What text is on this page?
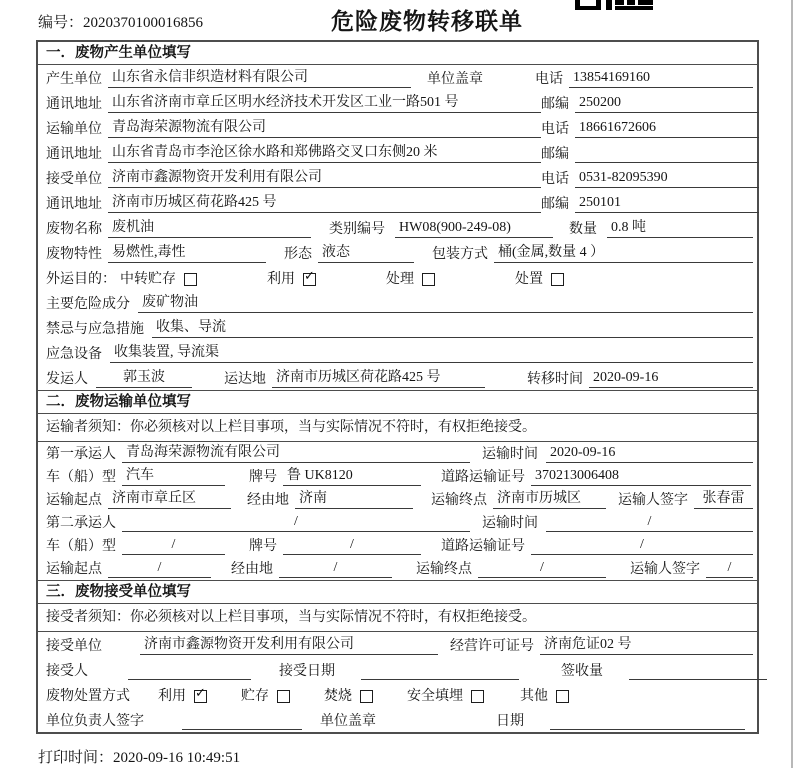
编号：2020370100016856	危险废物转移联单
一．废物产生单位填写
产生单位 山东省永信非织造材料有限公司	单位盖章	电话 13854169160
通讯地址 山东省济南市章丘区明水经济技术开发区工业一路501 号	邮编 250200
运输单位 青岛海荣源物流有限公司	电话 18661672606
通讯地址 山东省青岛市李沧区徐水路和郑佛路交叉口东侧20 米	邮编
接受单位 济南市鑫源物资开发利用有限公司	电话 0531-82095390
通讯地址 济南市历城区荷花路425 号	邮编 250101
废物名称 废机油	类别编号 HW08(900-249-08)	数量 0.8 吨
废物特性 易燃性,毒性	形态 液态	包装方式 桶(金属,数量 4 ）
外运目的： 中转贮存	利用 ✓	处理	处置
主要危险成分 废矿物油
禁忌与应急措施 收集、导流
应急设备 收集装置, 导流渠
发运人	郭玉波	运达地 济南市历城区荷花路425 号	转移时间 2020-09-16
二．废物运输单位填写
运输者须知：你必须核对以上栏目事项，当与实际情况不符时，有权拒绝接受。
第一承运人 青岛海荣源物流有限公司	运输时间 2020-09-16
车（船）型 汽车	牌号 鲁 UK8120	道路运输证号 370213006408
运输起点 济南市章丘区	经由地 济南	运输终点 济南市历城区	运输人签字	张春雷
第二承运人	/	运输时间	/
车（船）型	/	牌号	/	道路运输证号	/
运输起点	/	经由地	/	运输终点	/	运输人签字	/
三．废物接受单位填写
接受者须知：你必须核对以上栏目事项，当与实际情况不符时，有权拒绝接受。
接受单位	济南市鑫源物资开发利用有限公司	经营许可证号 济南危证02 号
接受人	接受日期	签收量
废物处置方式 利用 ✓	贮存	焚烧	安全填埋	其他
单位负责人签字	单位盖章	日期
打印时间：2020-09-16 10:49:51
